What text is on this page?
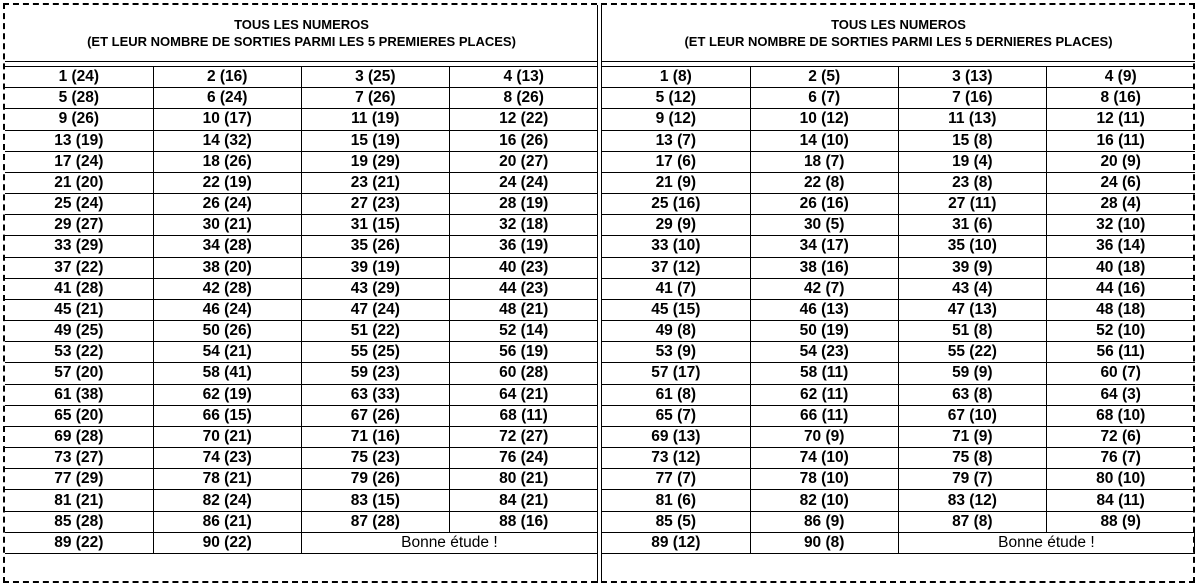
TOUS LES NUMEROS
(ET LEUR NOMBRE DE SORTIES PARMI LES 5 PREMIERES PLACES)
1 (24)	2 (16)	3 (25)	4 (13)
5 (28)	6 (24)	7 (26)	8 (26)
9 (26)	10 (17)	11 (19)	12 (22)
13 (19)	14 (32)	15 (19)	16 (26)
17 (24)	18 (26)	19 (29)	20 (27)
21 (20)	22 (19)	23 (21)	24 (24)
25 (24)	26 (24)	27 (23)	28 (19)
29 (27)	30 (21)	31 (15)	32 (18)
33 (29)	34 (28)	35 (26)	36 (19)
37 (22)	38 (20)	39 (19)	40 (23)
41 (28)	42 (28)	43 (29)	44 (23)
45 (21)	46 (24)	47 (24)	48 (21)
49 (25)	50 (26)	51 (22)	52 (14)
53 (22)	54 (21)	55 (25)	56 (19)
57 (20)	58 (41)	59 (23)	60 (28)
61 (38)	62 (19)	63 (33)	64 (21)
65 (20)	66 (15)	67 (26)	68 (11)
69 (28)	70 (21)	71 (16)	72 (27)
73 (27)	74 (23)	75 (23)	76 (24)
77 (29)	78 (21)	79 (26)	80 (21)
81 (21)	82 (24)	83 (15)	84 (21)
85 (28)	86 (21)	87 (28)	88 (16)
89 (22)	90 (22)	Bonne étude !	
TOUS LES NUMEROS
(ET LEUR NOMBRE DE SORTIES PARMI LES 5 DERNIERES PLACES)
1 (8)	2 (5)	3 (13)	4 (9)
5 (12)	6 (7)	7 (16)	8 (16)
9 (12)	10 (12)	11 (13)	12 (11)
13 (7)	14 (10)	15 (8)	16 (11)
17 (6)	18 (7)	19 (4)	20 (9)
21 (9)	22 (8)	23 (8)	24 (6)
25 (16)	26 (16)	27 (11)	28 (4)
29 (9)	30 (5)	31 (6)	32 (10)
33 (10)	34 (17)	35 (10)	36 (14)
37 (12)	38 (16)	39 (9)	40 (18)
41 (7)	42 (7)	43 (4)	44 (16)
45 (15)	46 (13)	47 (13)	48 (18)
49 (8)	50 (19)	51 (8)	52 (10)
53 (9)	54 (23)	55 (22)	56 (11)
57 (17)	58 (11)	59 (9)	60 (7)
61 (8)	62 (11)	63 (8)	64 (3)
65 (7)	66 (11)	67 (10)	68 (10)
69 (13)	70 (9)	71 (9)	72 (6)
73 (12)	74 (10)	75 (8)	76 (7)
77 (7)	78 (10)	79 (7)	80 (10)
81 (6)	82 (10)	83 (12)	84 (11)
85 (5)	86 (9)	87 (8)	88 (9)
89 (12)	90 (8)	Bonne étude !	
